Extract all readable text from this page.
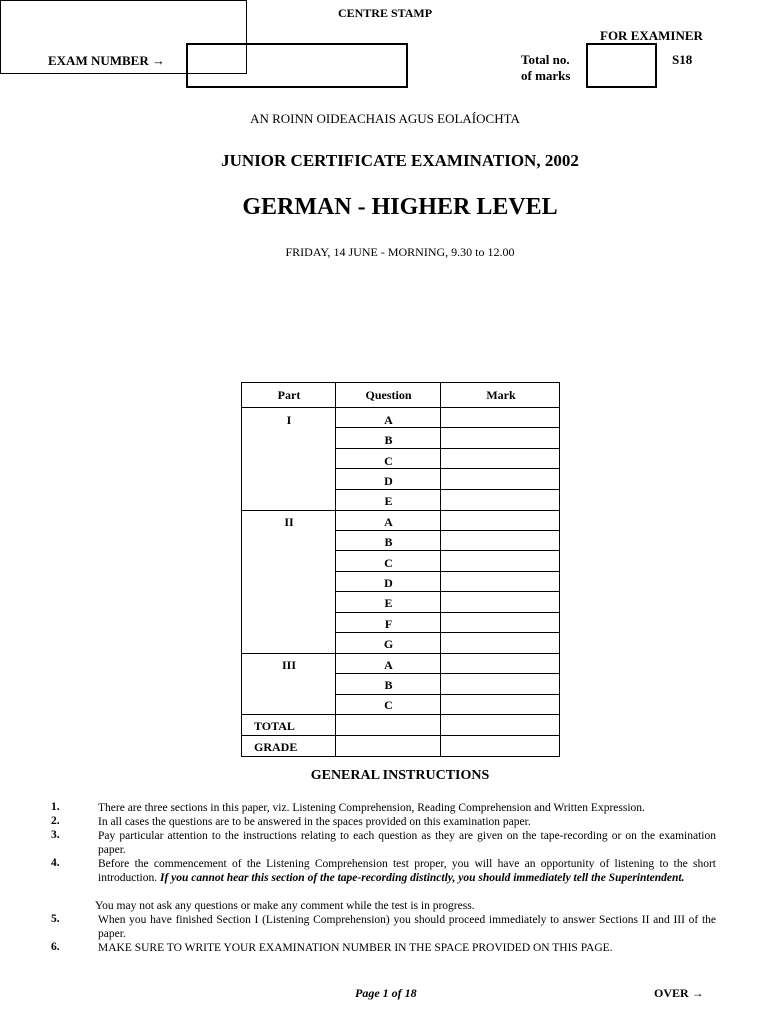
FOR EXAMINER
EXAM NUMBER →	Total no.
of marks
S18
AN ROINN OIDEACHAIS AGUS EOLAÍOCHTA
JUNIOR CERTIFICATE EXAMINATION, 2002
GERMAN - HIGHER LEVEL
FRIDAY, 14 JUNE - MORNING, 9.30 to 12.00
CENTRE STAMP
Part	Question	Mark
I	A
B
C
D
E
II	A
B
C
D
E
F
G
III	A
B
C
TOTAL
GRADE
GENERAL INSTRUCTIONS
1.	There are three sections in this paper, viz. Listening Comprehension, Reading Comprehension and Written Expression.
2.	In all cases the questions are to be answered in the spaces provided on this examination paper.
3.	Pay particular attention to the instructions relating to each question as they are given on the tape-recording or on the examination paper.
4.	Before the commencement of the Listening Comprehension test proper, you will have an opportunity of listening to the short introduction. If you cannot hear this section of the tape-recording distinctly, you should immediately tell the Superintendent.
You may not ask any questions or make any comment while the test is in progress.
5.	When you have finished Section I (Listening Comprehension) you should proceed immediately to answer Sections II and III of the paper.
6.	MAKE SURE TO WRITE YOUR EXAMINATION NUMBER IN THE SPACE PROVIDED ON THIS PAGE.
Page 1 of 18	OVER →
